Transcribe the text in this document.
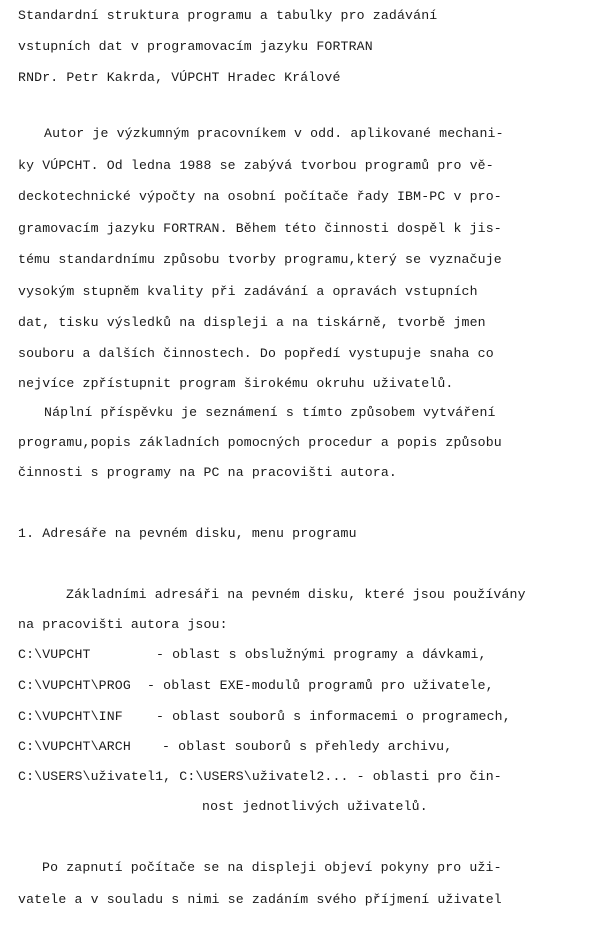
Standardní struktura programu a tabulky pro zadávání
vstupních dat v programovacím jazyku FORTRAN
RNDr. Petr Kakrda, VÚPCHT Hradec Králové
Autor je výzkumným pracovníkem v odd. aplikované mechani-
ky VÚPCHT. Od ledna 1988 se zabývá tvorbou programů pro vě-
deckotechnické výpočty na osobní počítače řady IBM-PC v pro-
gramovacím jazyku FORTRAN. Během této činnosti dospěl k jis-
tému standardnímu způsobu tvorby programu,který se vyznačuje
vysokým stupněm kvality při zadávání a opravách vstupních
dat, tisku výsledků na displeji a na tiskárně, tvorbě jmen
souboru a dalších činnostech. Do popředí vystupuje snaha co
nejvíce zpřístupnit program širokému okruhu uživatelů.
Náplní příspěvku je seznámení s tímto způsobem vytváření
programu,popis základních pomocných procedur a popis způsobu
činnosti s programy na PC na pracovišti autora.
1. Adresáře na pevném disku, menu programu
Základními adresáři na pevném disku, které jsou používány
na pracovišti autora jsou:
C:\VUPCHT	- oblast s obslužnými programy a dávkami,
C:\VUPCHT\PROG - oblast EXE-modulů programů pro uživatele,
C:\VUPCHT\INF	- oblast souborů s informacemi o programech,
C:\VUPCHT\ARCH - oblast souborů s přehledy archivu,
C:\USERS\uživatel1, C:\USERS\uživatel2... - oblasti pro čin-
nost jednotlivých uživatelů.
Po zapnutí počítače se na displeji objeví pokyny pro uži-
vatele a v souladu s nimi se zadáním svého příjmení uživatel
